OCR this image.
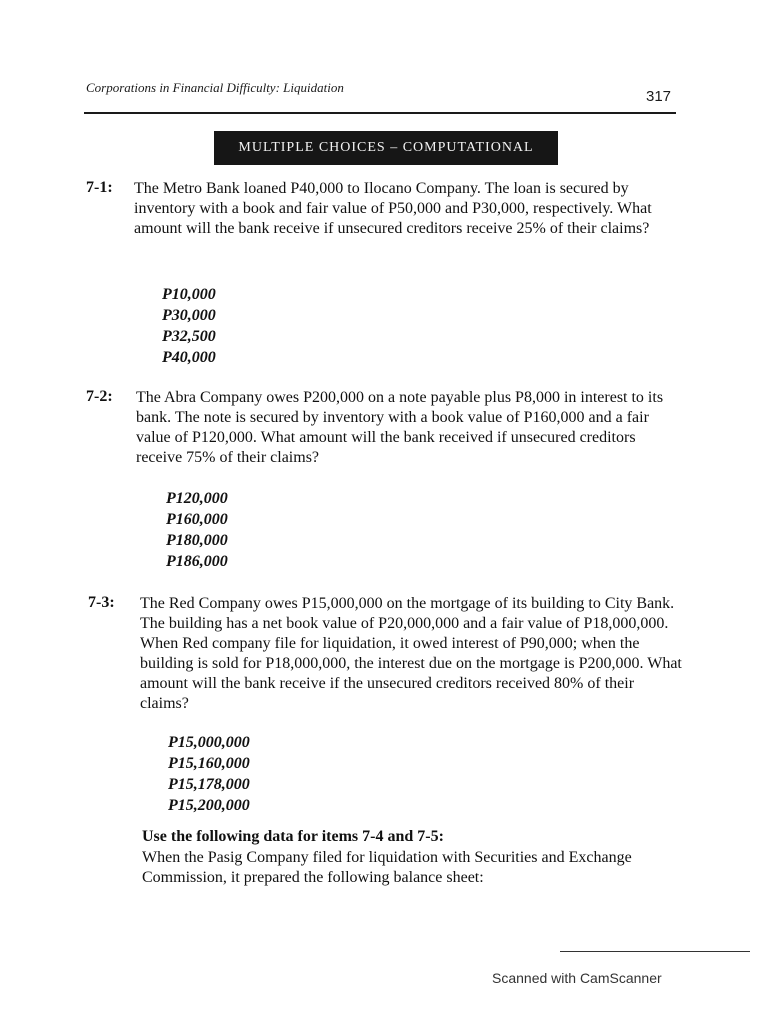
Corporations in Financial Difficulty: Liquidation
317
MULTIPLE CHOICES – COMPUTATIONAL
7-1: The Metro Bank loaned P40,000 to Ilocano Company. The loan is secured by inventory with a book and fair value of P50,000 and P30,000, respectively. What amount will the bank receive if unsecured creditors receive 25% of their claims?
P10,000
P30,000
P32,500
P40,000
7-2: The Abra Company owes P200,000 on a note payable plus P8,000 in interest to its bank. The note is secured by inventory with a book value of P160,000 and a fair value of P120,000. What amount will the bank received if unsecured creditors receive 75% of their claims?
P120,000
P160,000
P180,000
P186,000
7-3: The Red Company owes P15,000,000 on the mortgage of its building to City Bank. The building has a net book value of P20,000,000 and a fair value of P18,000,000. When Red company file for liquidation, it owed interest of P90,000; when the building is sold for P18,000,000, the interest due on the mortgage is P200,000. What amount will the bank receive if the unsecured creditors received 80% of their claims?
P15,000,000
P15,160,000
P15,178,000
P15,200,000
Use the following data for items 7-4 and 7-5:
When the Pasig Company filed for liquidation with Securities and Exchange Commission, it prepared the following balance sheet:
Scanned with CamScanner
